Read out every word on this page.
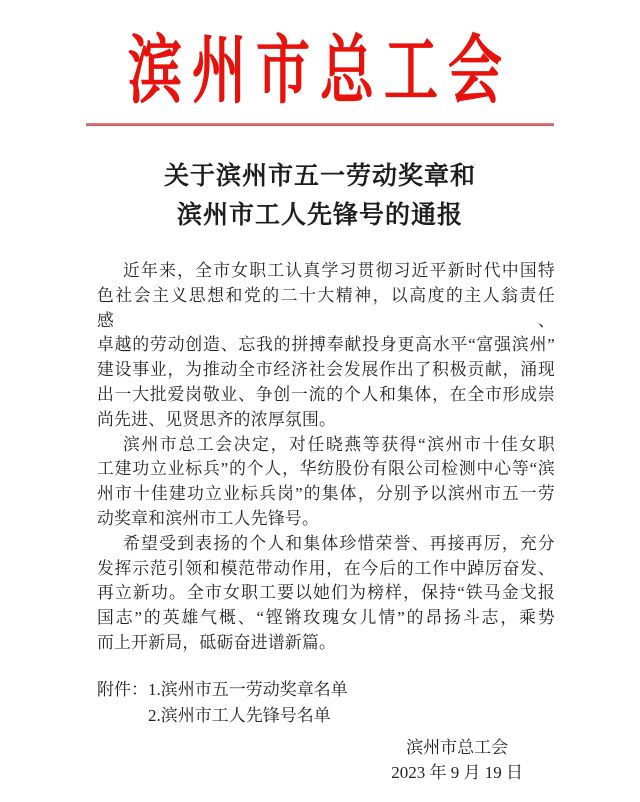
滨州市总工会
关于滨州市五一劳动奖章和
滨州市工人先锋号的通报
近年来，全市女职工认真学习贯彻习近平新时代中国特
色社会主义思想和党的二十大精神，以高度的主人翁责任感、
卓越的劳动创造、忘我的拼搏奉献投身更高水平“富强滨州”
建设事业，为推动全市经济社会发展作出了积极贡献，涌现
出一大批爱岗敬业、争创一流的个人和集体，在全市形成崇
尚先进、见贤思齐的浓厚氛围。
滨州市总工会决定，对任晓燕等获得“滨州市十佳女职
工建功立业标兵”的个人，华纺股份有限公司检测中心等“滨
州市十佳建功立业标兵岗”的集体，分别予以滨州市五一劳
动奖章和滨州市工人先锋号。
希望受到表扬的个人和集体珍惜荣誉、再接再厉，充分
发挥示范引领和模范带动作用，在今后的工作中踔厉奋发、
再立新功。全市女职工要以她们为榜样，保持“铁马金戈报
国志”的英雄气概、“铿锵玫瑰女儿情”的昂扬斗志，乘势
而上开新局，砥砺奋进谱新篇。
附件： 1.滨州市五一劳动奖章名单
2.滨州市工人先锋号名单
滨州市总工会
2023 年 9 月 19 日
